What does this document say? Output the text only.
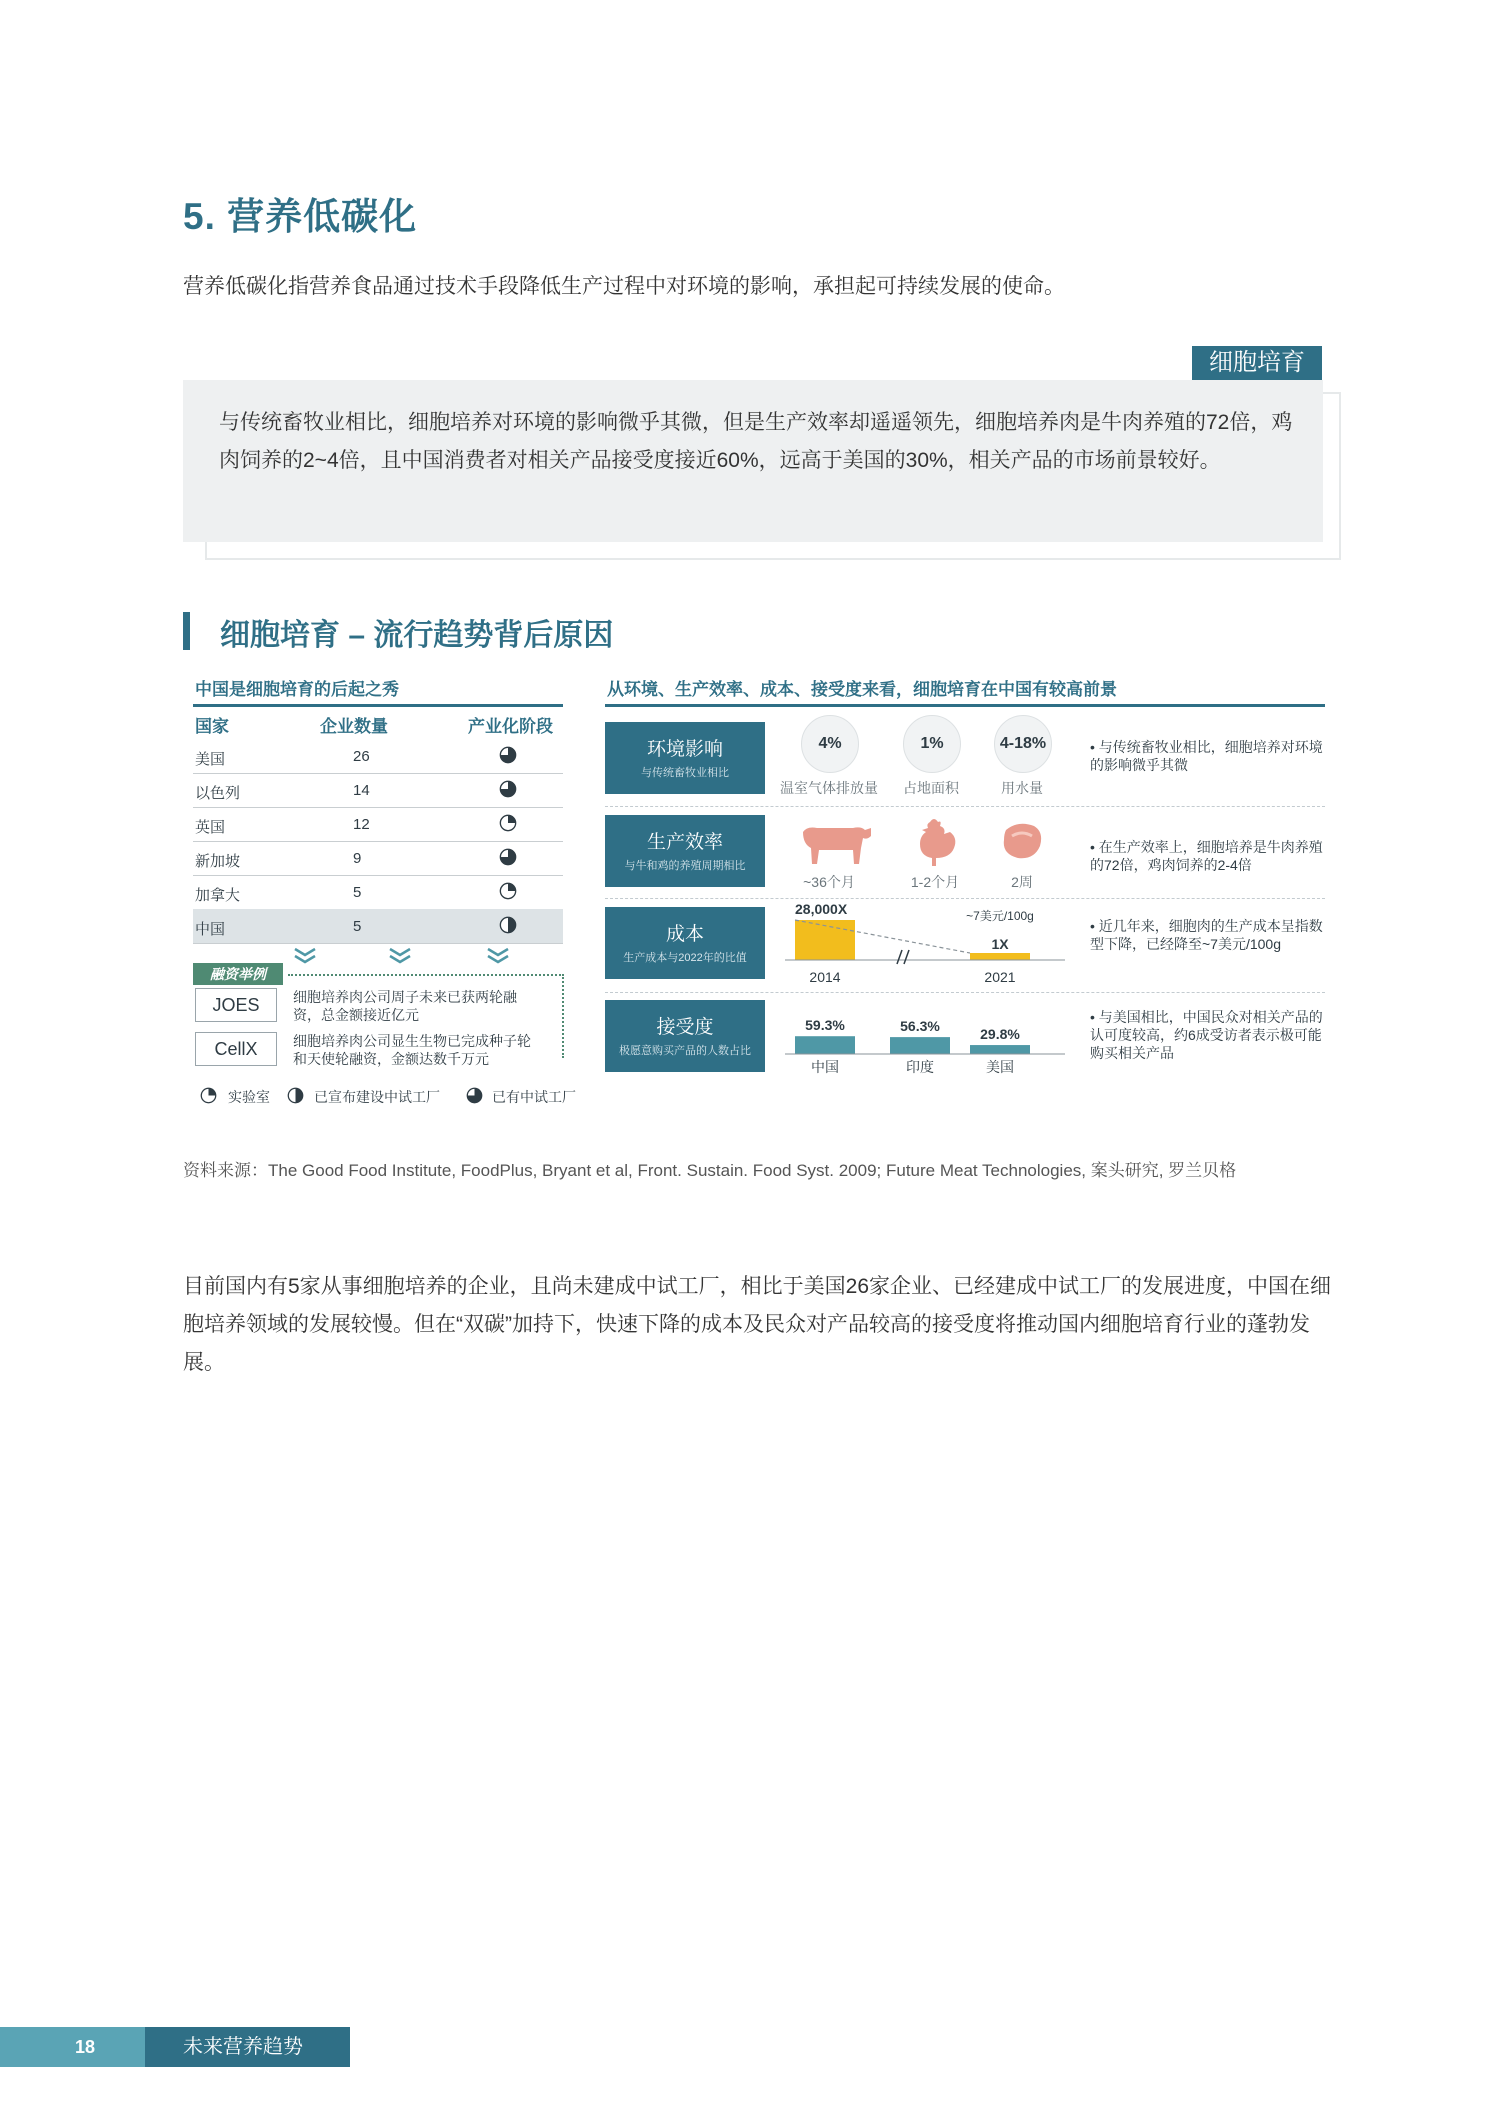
5. 营养低碳化
营养低碳化指营养食品通过技术手段降低生产过程中对环境的影响，承担起可持续发展的使命。
与传统畜牧业相比，细胞培养对环境的影响微乎其微，但是生产效率却遥遥领先，细胞培养肉是牛肉养殖的72倍，鸡肉饲养的2~4倍，且中国消费者对相关产品接受度接近60%，远高于美国的30%，相关产品的市场前景较好。
细胞培育
细胞培育 – 流行趋势背后原因
中国是细胞培育的后起之秀
国家	企业数量	产业化阶段
美国	26
以色列	14
英国	12
新加坡	9
加拿大	5
中国	5
融资举例
JOES	细胞培养肉公司周子未来已获两轮融资，总金额接近亿元
CellX	细胞培养肉公司显生生物已完成种子轮和天使轮融资，金额达数千万元
实验室	已宣布建设中试工厂	已有中试工厂
从环境、生产效率、成本、接受度来看，细胞培育在中国有较高前景
环境影响
与传统畜牧业相比
4%
温室气体排放量
1%
占地面积
4-18%
用水量
• 与传统畜牧业相比，细胞培养对环境的影响微乎其微
生产效率
与牛和鸡的养殖周期相比
~36个月	1-2个月	2周
• 在生产效率上，细胞培养是牛肉养殖的72倍，鸡肉饲养的2-4倍
成本
生产成本与2022年的比值
28,000X
2014
1X
2021
~7美元/100g
• 近几年来，细胞肉的生产成本呈指数型下降，已经降至~7美元/100g
接受度
极愿意购买产品的人数占比
59.3%
中国
56.3%
印度
29.8%
美国
• 与美国相比，中国民众对相关产品的认可度较高，约6成受访者表示极可能购买相关产品
资料来源：The Good Food Institute, FoodPlus, Bryant et al, Front. Sustain. Food Syst. 2009; Future Meat Technologies, 案头研究, 罗兰贝格
目前国内有5家从事细胞培养的企业，且尚未建成中试工厂，相比于美国26家企业、已经建成中试工厂的发展进度，中国在细胞培养领域的发展较慢。但在“双碳”加持下，快速下降的成本及民众对产品较高的接受度将推动国内细胞培育行业的蓬勃发展。
18	未来营养趋势
